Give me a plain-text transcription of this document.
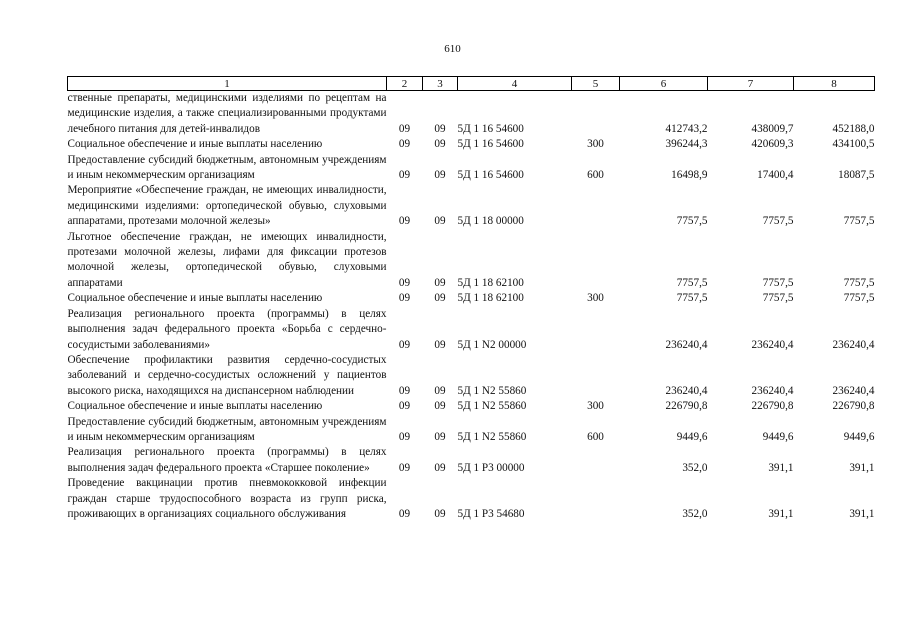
610
1	2	3	4	5	6	7	8
ственные препараты, медицинскими изделиями по рецептам на медицинские изделия, а также специализированными продуктами лечебного питания для детей-инвалидов	09	09	5Д 1 16 54600		412743,2	438009,7	452188,0
Социальное обеспечение и иные выплаты населению	09	09	5Д 1 16 54600	300	396244,3	420609,3	434100,5
Предоставление субсидий бюджетным, автономным учреждениям и иным некоммерческим организациям	09	09	5Д 1 16 54600	600	16498,9	17400,4	18087,5
Мероприятие «Обеспечение граждан, не имеющих инвалидности, медицинскими изделиями: ортопедической обувью, слуховыми аппаратами, протезами молочной железы»	09	09	5Д 1 18 00000		7757,5	7757,5	7757,5
Льготное обеспечение граждан, не имеющих инвалидности, протезами молочной железы, лифами для фиксации протезов молочной железы, ортопедической обувью, слуховыми аппаратами	09	09	5Д 1 18 62100		7757,5	7757,5	7757,5
Социальное обеспечение и иные выплаты населению	09	09	5Д 1 18 62100	300	7757,5	7757,5	7757,5
Реализация регионального проекта (программы) в целях выполнения задач федерального проекта «Борьба с сердечно-сосудистыми заболеваниями»	09	09	5Д 1 N2 00000		236240,4	236240,4	236240,4
Обеспечение профилактики развития сердечно-сосудистых заболеваний и сердечно-сосудистых осложнений у пациентов высокого риска, находящихся на диспансерном наблюдении	09	09	5Д 1 N2 55860		236240,4	236240,4	236240,4
Социальное обеспечение и иные выплаты населению	09	09	5Д 1 N2 55860	300	226790,8	226790,8	226790,8
Предоставление субсидий бюджетным, автономным учреждениям и иным некоммерческим организациям	09	09	5Д 1 N2 55860	600	9449,6	9449,6	9449,6
Реализация регионального проекта (программы) в целях выполнения задач федерального проекта «Старшее поколение»	09	09	5Д 1 P3 00000		352,0	391,1	391,1
Проведение вакцинации против пневмококковой инфекции граждан старше трудоспособного возраста из групп риска, проживающих в организациях социального обслуживания	09	09	5Д 1 P3 54680		352,0	391,1	391,1
